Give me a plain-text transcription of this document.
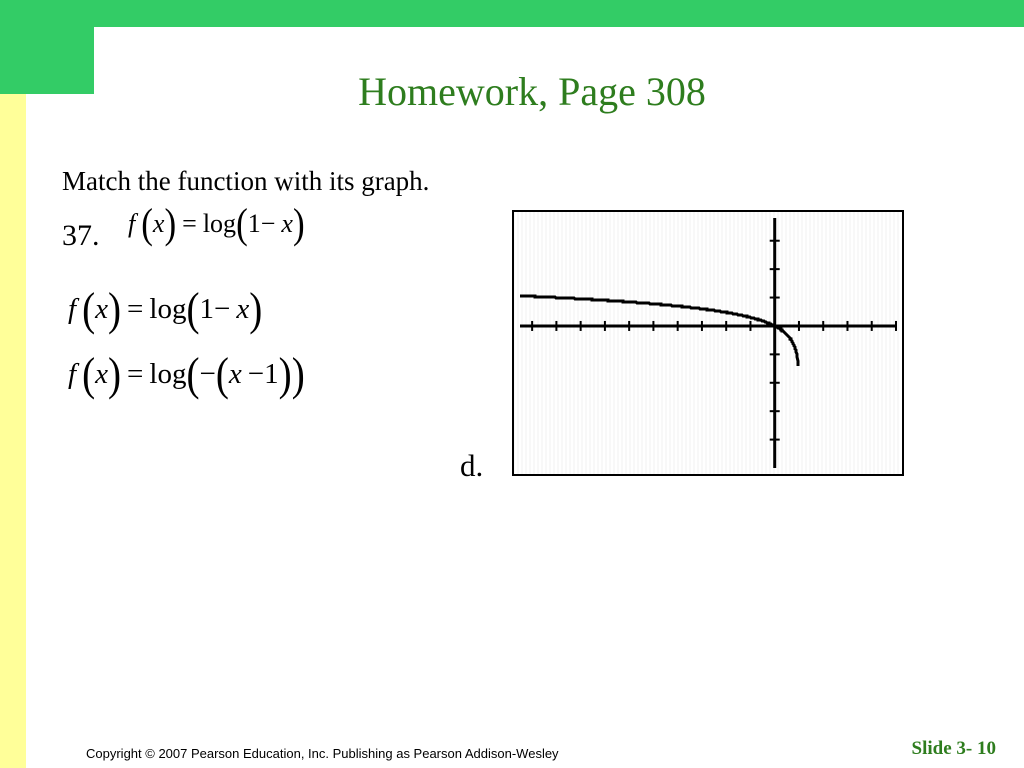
Homework, Page 308
Match the function with its graph.
37. f ( x ) = log ( 1 − x )
f ( x ) = log ( 1 − x )
f ( x ) = log ( − ( x − 1 ) )
d.
Copyright © 2007 Pearson Education, Inc. Publishing as Pearson Addison-Wesley	Slide 3- 10
